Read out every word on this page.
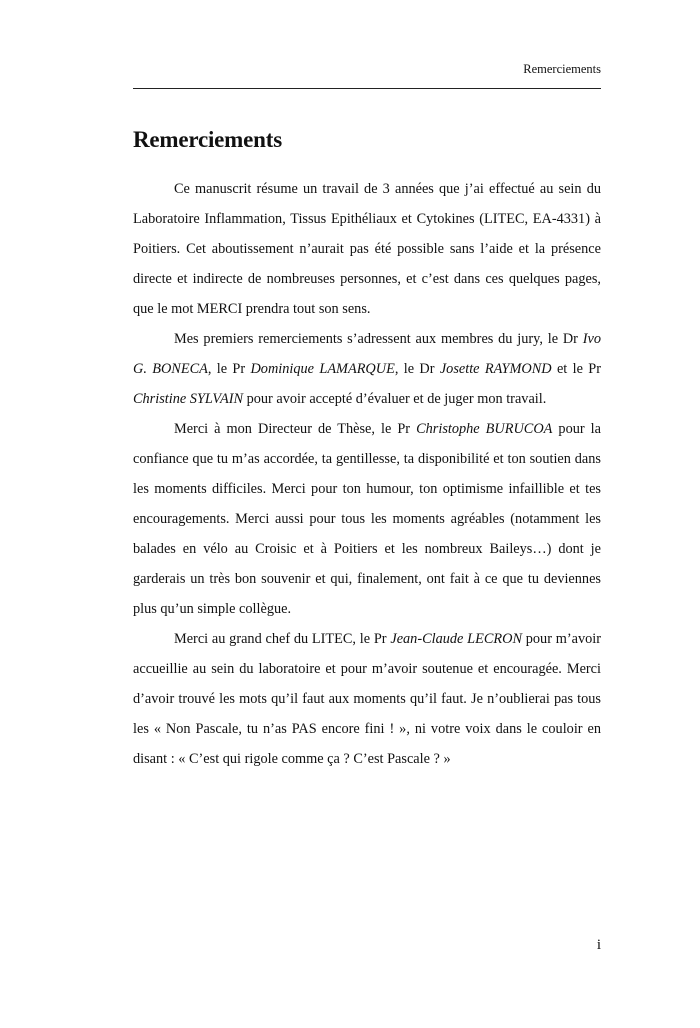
Remerciements
Remerciements

Ce manuscrit résume un travail de 3 années que j’ai effectué au sein du Laboratoire Inflammation, Tissus Epithéliaux et Cytokines (LITEC, EA-4331) à Poitiers. Cet aboutissement n’aurait pas été possible sans l’aide et la présence directe et indirecte de nombreuses personnes, et c’est dans ces quelques pages, que le mot MERCI prendra tout son sens.

Mes premiers remerciements s’adressent aux membres du jury, le Dr Ivo G. BONECA, le Pr Dominique LAMARQUE, le Dr Josette RAYMOND et le Pr Christine SYLVAIN pour avoir accepté d’évaluer et de juger mon travail.

Merci à mon Directeur de Thèse, le Pr Christophe BURUCOA pour la confiance que tu m’as accordée, ta gentillesse, ta disponibilité et ton soutien dans les moments difficiles. Merci pour ton humour, ton optimisme infaillible et tes encouragements. Merci aussi pour tous les moments agréables (notamment les balades en vélo au Croisic et à Poitiers et les nombreux Baileys…) dont je garderais un très bon souvenir et qui, finalement, ont fait à ce que tu deviennes plus qu’un simple collègue.

Merci au grand chef du LITEC, le Pr Jean-Claude LECRON pour m’avoir accueillie au sein du laboratoire et pour m’avoir soutenue et encouragée. Merci d’avoir trouvé les mots qu’il faut aux moments qu’il faut. Je n’oublierai pas tous les « Non Pascale, tu n’as PAS encore fini ! », ni votre voix dans le couloir en disant : « C’est qui rigole comme ça ? C’est Pascale ? »

i
